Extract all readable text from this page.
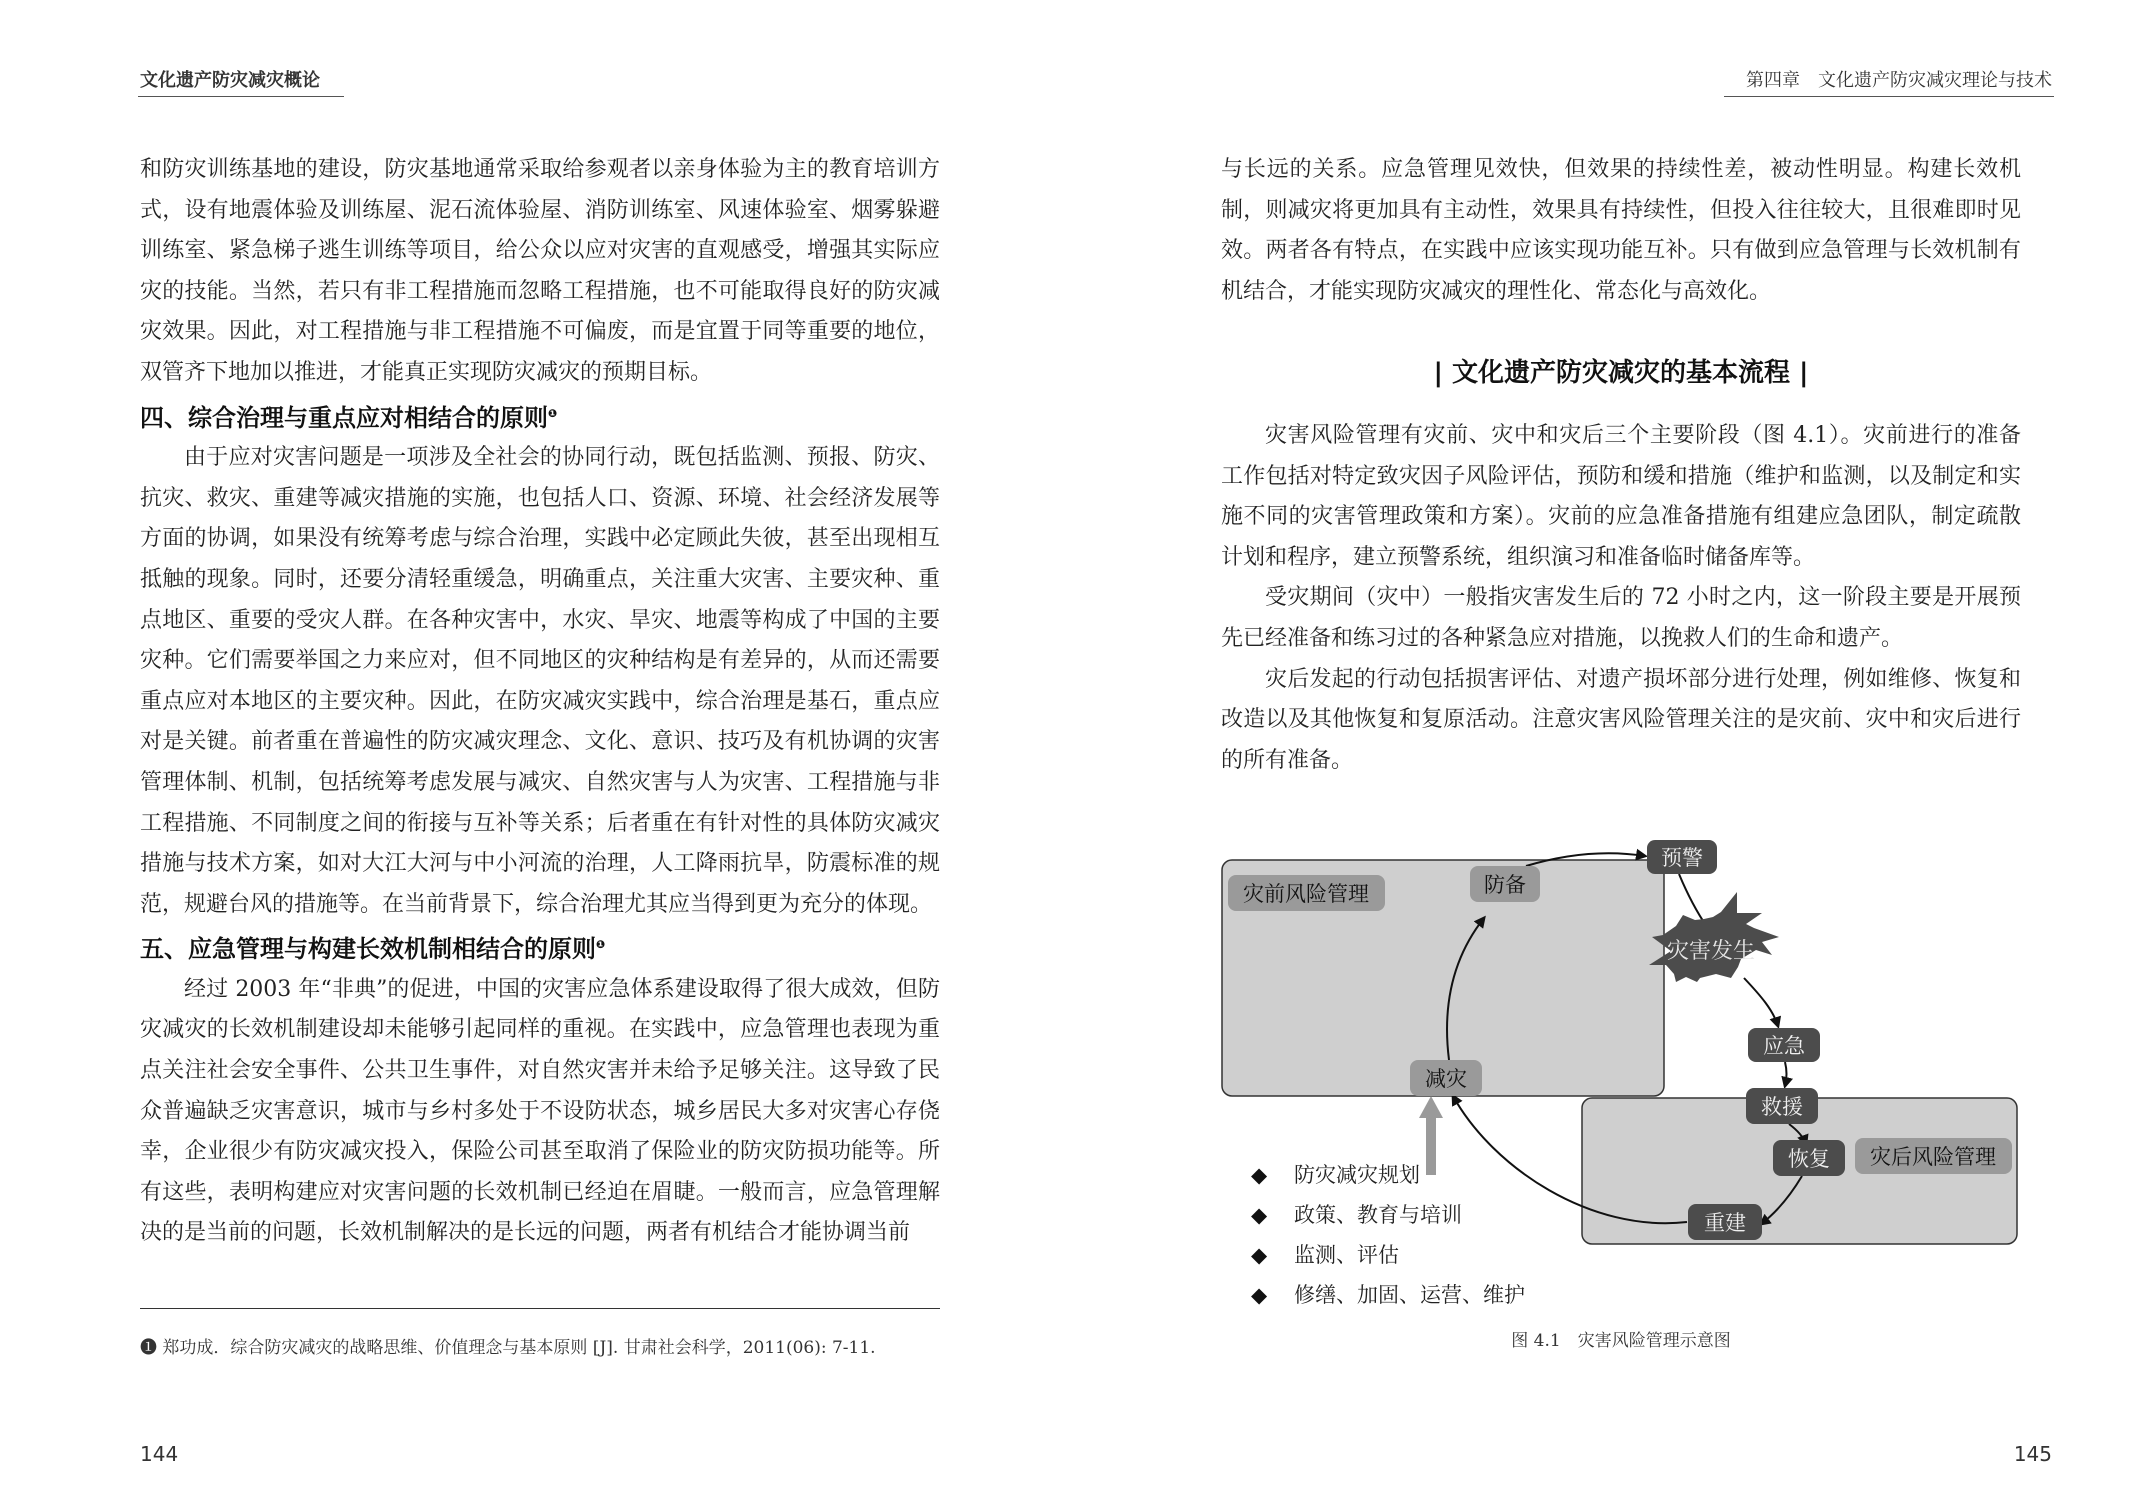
文化遗产防灾减灾概论

和防灾训练基地的建设，防灾基地通常采取给参观者以亲身体验为主的教育培训方式，设有地震体验及训练屋、泥石流体验屋、消防训练室、风速体验室、烟雾躲避训练室、紧急梯子逃生训练等项目，给公众以应对灾害的直观感受，增强其实际应灾的技能。当然，若只有非工程措施而忽略工程措施，也不可能取得良好的防灾减灾效果。因此，对工程措施与非工程措施不可偏废，而是宜置于同等重要的地位，双管齐下地加以推进，才能真正实现防灾减灾的预期目标。

四、综合治理与重点应对相结合的原则$^❶$

由于应对灾害问题是一项涉及全社会的协同行动，既包括监测、预报、防灾、抗灾、救灾、重建等减灾措施的实施，也包括人口、资源、环境、社会经济发展等方面的协调，如果没有统筹考虑与综合治理，实践中必定顾此失彼，甚至出现相互抵触的现象。同时，还要分清轻重缓急，明确重点，关注重大灾害、主要灾种、重点地区、重要的受灾人群。在各种灾害中，水灾、旱灾、地震等构成了中国的主要灾种。它们需要举国之力来应对，但不同地区的灾种结构是有差异的，从而还需要重点应对本地区的主要灾种。因此，在防灾减灾实践中，综合治理是基石，重点应对是关键。前者重在普遍性的防灾减灾理念、文化、意识、技巧及有机协调的灾害管理体制、机制，包括统筹考虑发展与减灾、自然灾害与人为灾害、工程措施与非工程措施、不同制度之间的衔接与互补等关系；后者重在有针对性的具体防灾减灾措施与技术方案，如对大江大河与中小河流的治理，人工降雨抗旱，防震标准的规范，规避台风的措施等。在当前背景下，综合治理尤其应当得到更为充分的体现。

五、应急管理与构建长效机制相结合的原则$^❶$

经过 2003 年“非典”的促进，中国的灾害应急体系建设取得了很大成效，但防灾减灾的长效机制建设却未能够引起同样的重视。在实践中，应急管理也表现为重点关注社会安全事件、公共卫生事件，对自然灾害并未给予足够关注。这导致了民众普遍缺乏灾害意识，城市与乡村多处于不设防状态，城乡居民大多对灾害心存侥幸，企业很少有防灾减灾投入，保险公司甚至取消了保险业的防灾防损功能等。所有这些，表明构建应对灾害问题的长效机制已经迫在眉睫。一般而言，应急管理解决的是当前的问题，长效机制解决的是长远的问题，两者有机结合才能协调当前

❶ 郑功成．综合防灾减灾的战略思维、价值理念与基本原则 [J]. 甘肃社会科学，2011(06): 7-11.
144
第四章　文化遗产防灾减灾理论与技术

与长远的关系。应急管理见效快，但效果的持续性差，被动性明显。构建长效机制，则减灾将更加具有主动性，效果具有持续性，但投入往往较大，且很难即时见效。两者各有特点，在实践中应该实现功能互补。只有做到应急管理与长效机制有机结合，才能实现防灾减灾的理性化、常态化与高效化。

| 文化遗产防灾减灾的基本流程 |

灾害风险管理有灾前、灾中和灾后三个主要阶段（图 4.1）。灾前进行的准备工作包括对特定致灾因子风险评估，预防和缓和措施（维护和监测，以及制定和实施不同的灾害管理政策和方案）。灾前的应急准备措施有组建应急团队，制定疏散计划和程序，建立预警系统，组织演习和准备临时储备库等。

受灾期间（灾中）一般指灾害发生后的 72 小时之内，这一阶段主要是开展预先已经准备和练习过的各种紧急应对措施，以挽救人们的生命和遗产。

灾后发起的行动包括损害评估、对遗产损坏部分进行处理，例如维修、恢复和改造以及其他恢复和复原活动。注意灾害风险管理关注的是灾前、灾中和灾后进行的所有准备。

灾害发生
灾前风险管理
灾后风险管理
防备
预警
应急
救援
恢复
重建
减灾
◆ 防灾减灾规划
◆ 政策、教育与培训
◆ 监测、评估
◆ 修缮、加固、运营、维护
图 4.1　灾害风险管理示意图
145
